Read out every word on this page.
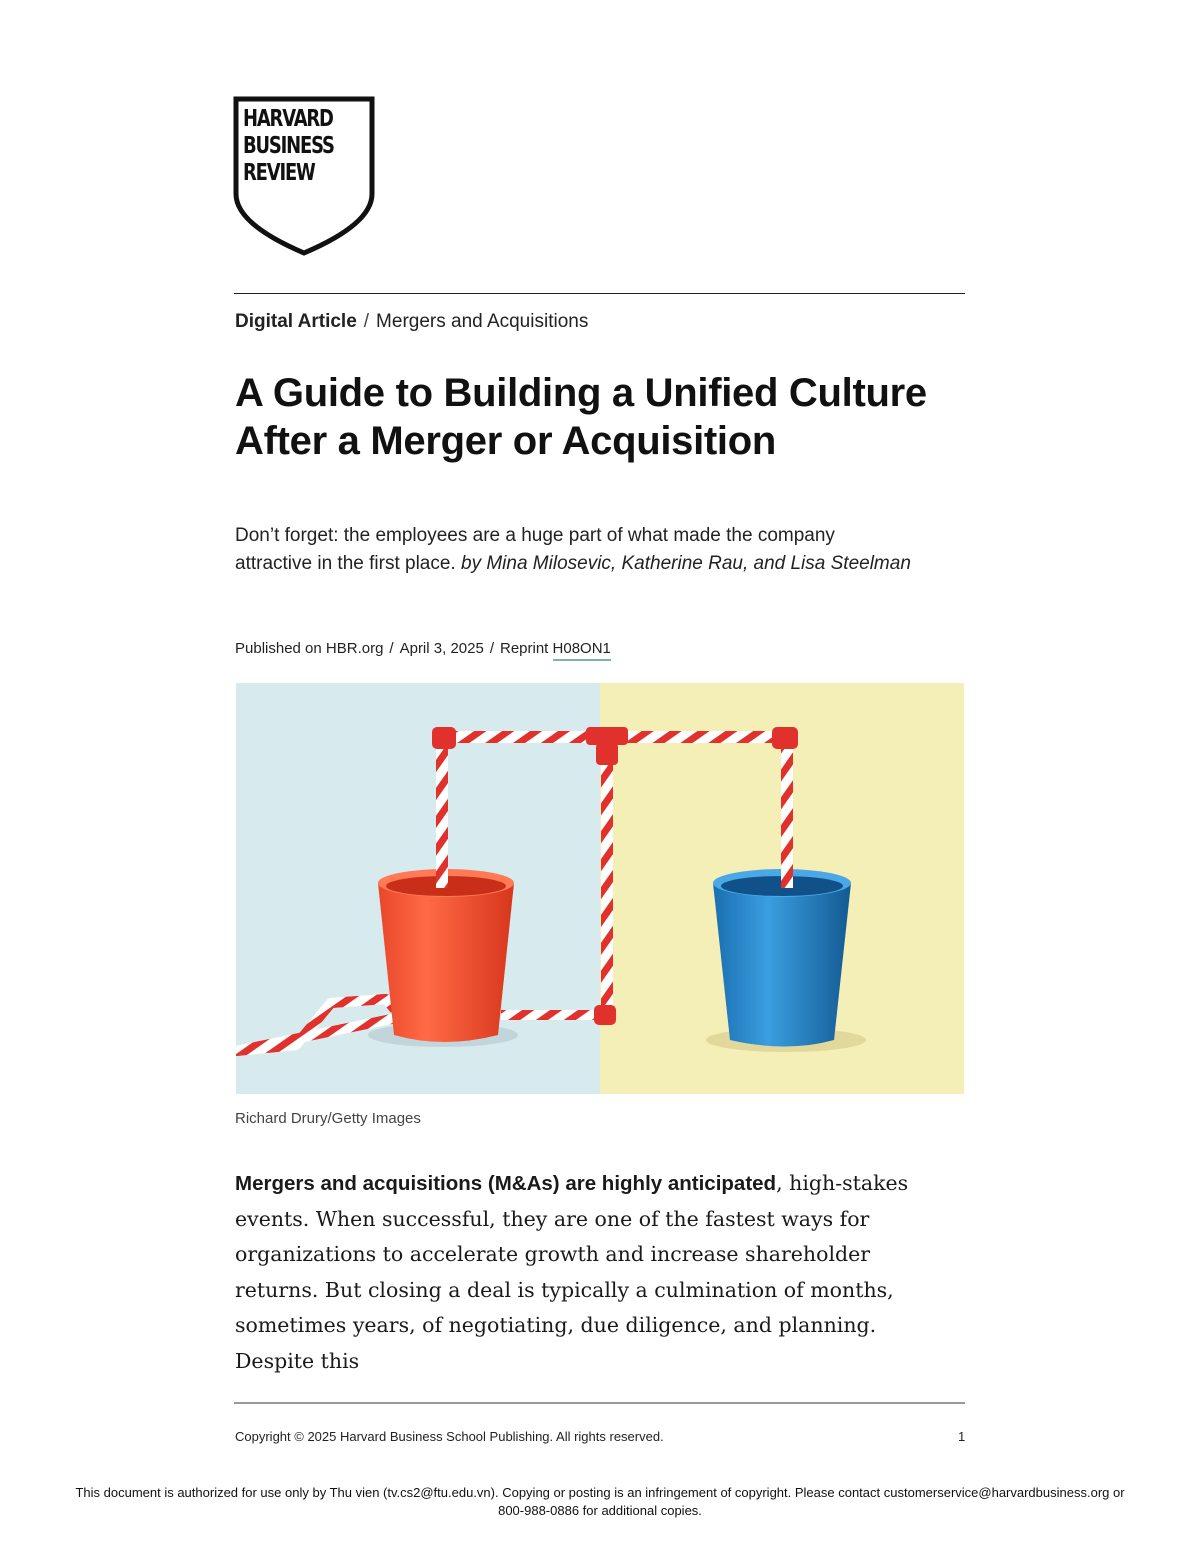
HARVARD
BUSINESS
REVIEW
Digital Article / Mergers and Acquisitions
A Guide to Building a Unified Culture After a Merger or Acquisition
Don’t forget: the employees are a huge part of what made the company attractive in the first place. by Mina Milosevic, Katherine Rau, and Lisa Steelman
Published on HBR.org / April 3, 2025 / Reprint H08ON1
Richard Drury/Getty Images
Mergers and acquisitions (M&As) are highly anticipated, high-stakes events. When successful, they are one of the fastest ways for organizations to accelerate growth and increase shareholder returns. But closing a deal is typically a culmination of months, sometimes years, of negotiating, due diligence, and planning. Despite this
Copyright © 2025 Harvard Business School Publishing. All rights reserved.	1
This document is authorized for use only by Thu vien (tv.cs2@ftu.edu.vn). Copying or posting is an infringement of copyright. Please contact customerservice@harvardbusiness.org or
800-988-0886 for additional copies.
